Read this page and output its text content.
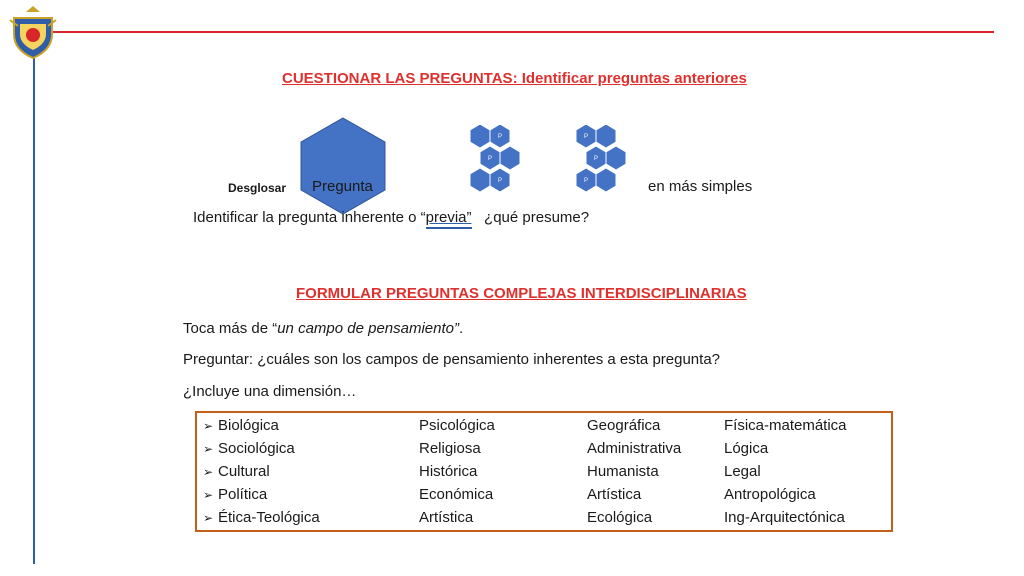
CUESTIONAR LAS PREGUNTAS: Identificar preguntas anteriores
Desglosar Pregunta
P
P
P
P
P
P	en más simples
Identificar la pregunta inherente o “previa” ¿qué presume?
FORMULAR PREGUNTAS COMPLEJAS INTERDISCIPLINARIAS
Toca más de “un campo de pensamiento”.
Preguntar: ¿cuáles son los campos de pensamiento inherentes a esta pregunta?
¿Incluye una dimensión…
➢ Biológica	Psicológica	Geográfica	Física-matemática
➢ Sociológica	Religiosa	Administrativa	Lógica
➢ Cultural	Histórica	Humanista	Legal
➢ Política	Económica	Artística	Antropológica
➢ Ética-Teológica	Artística	Ecológica	Ing-Arquitectónica
